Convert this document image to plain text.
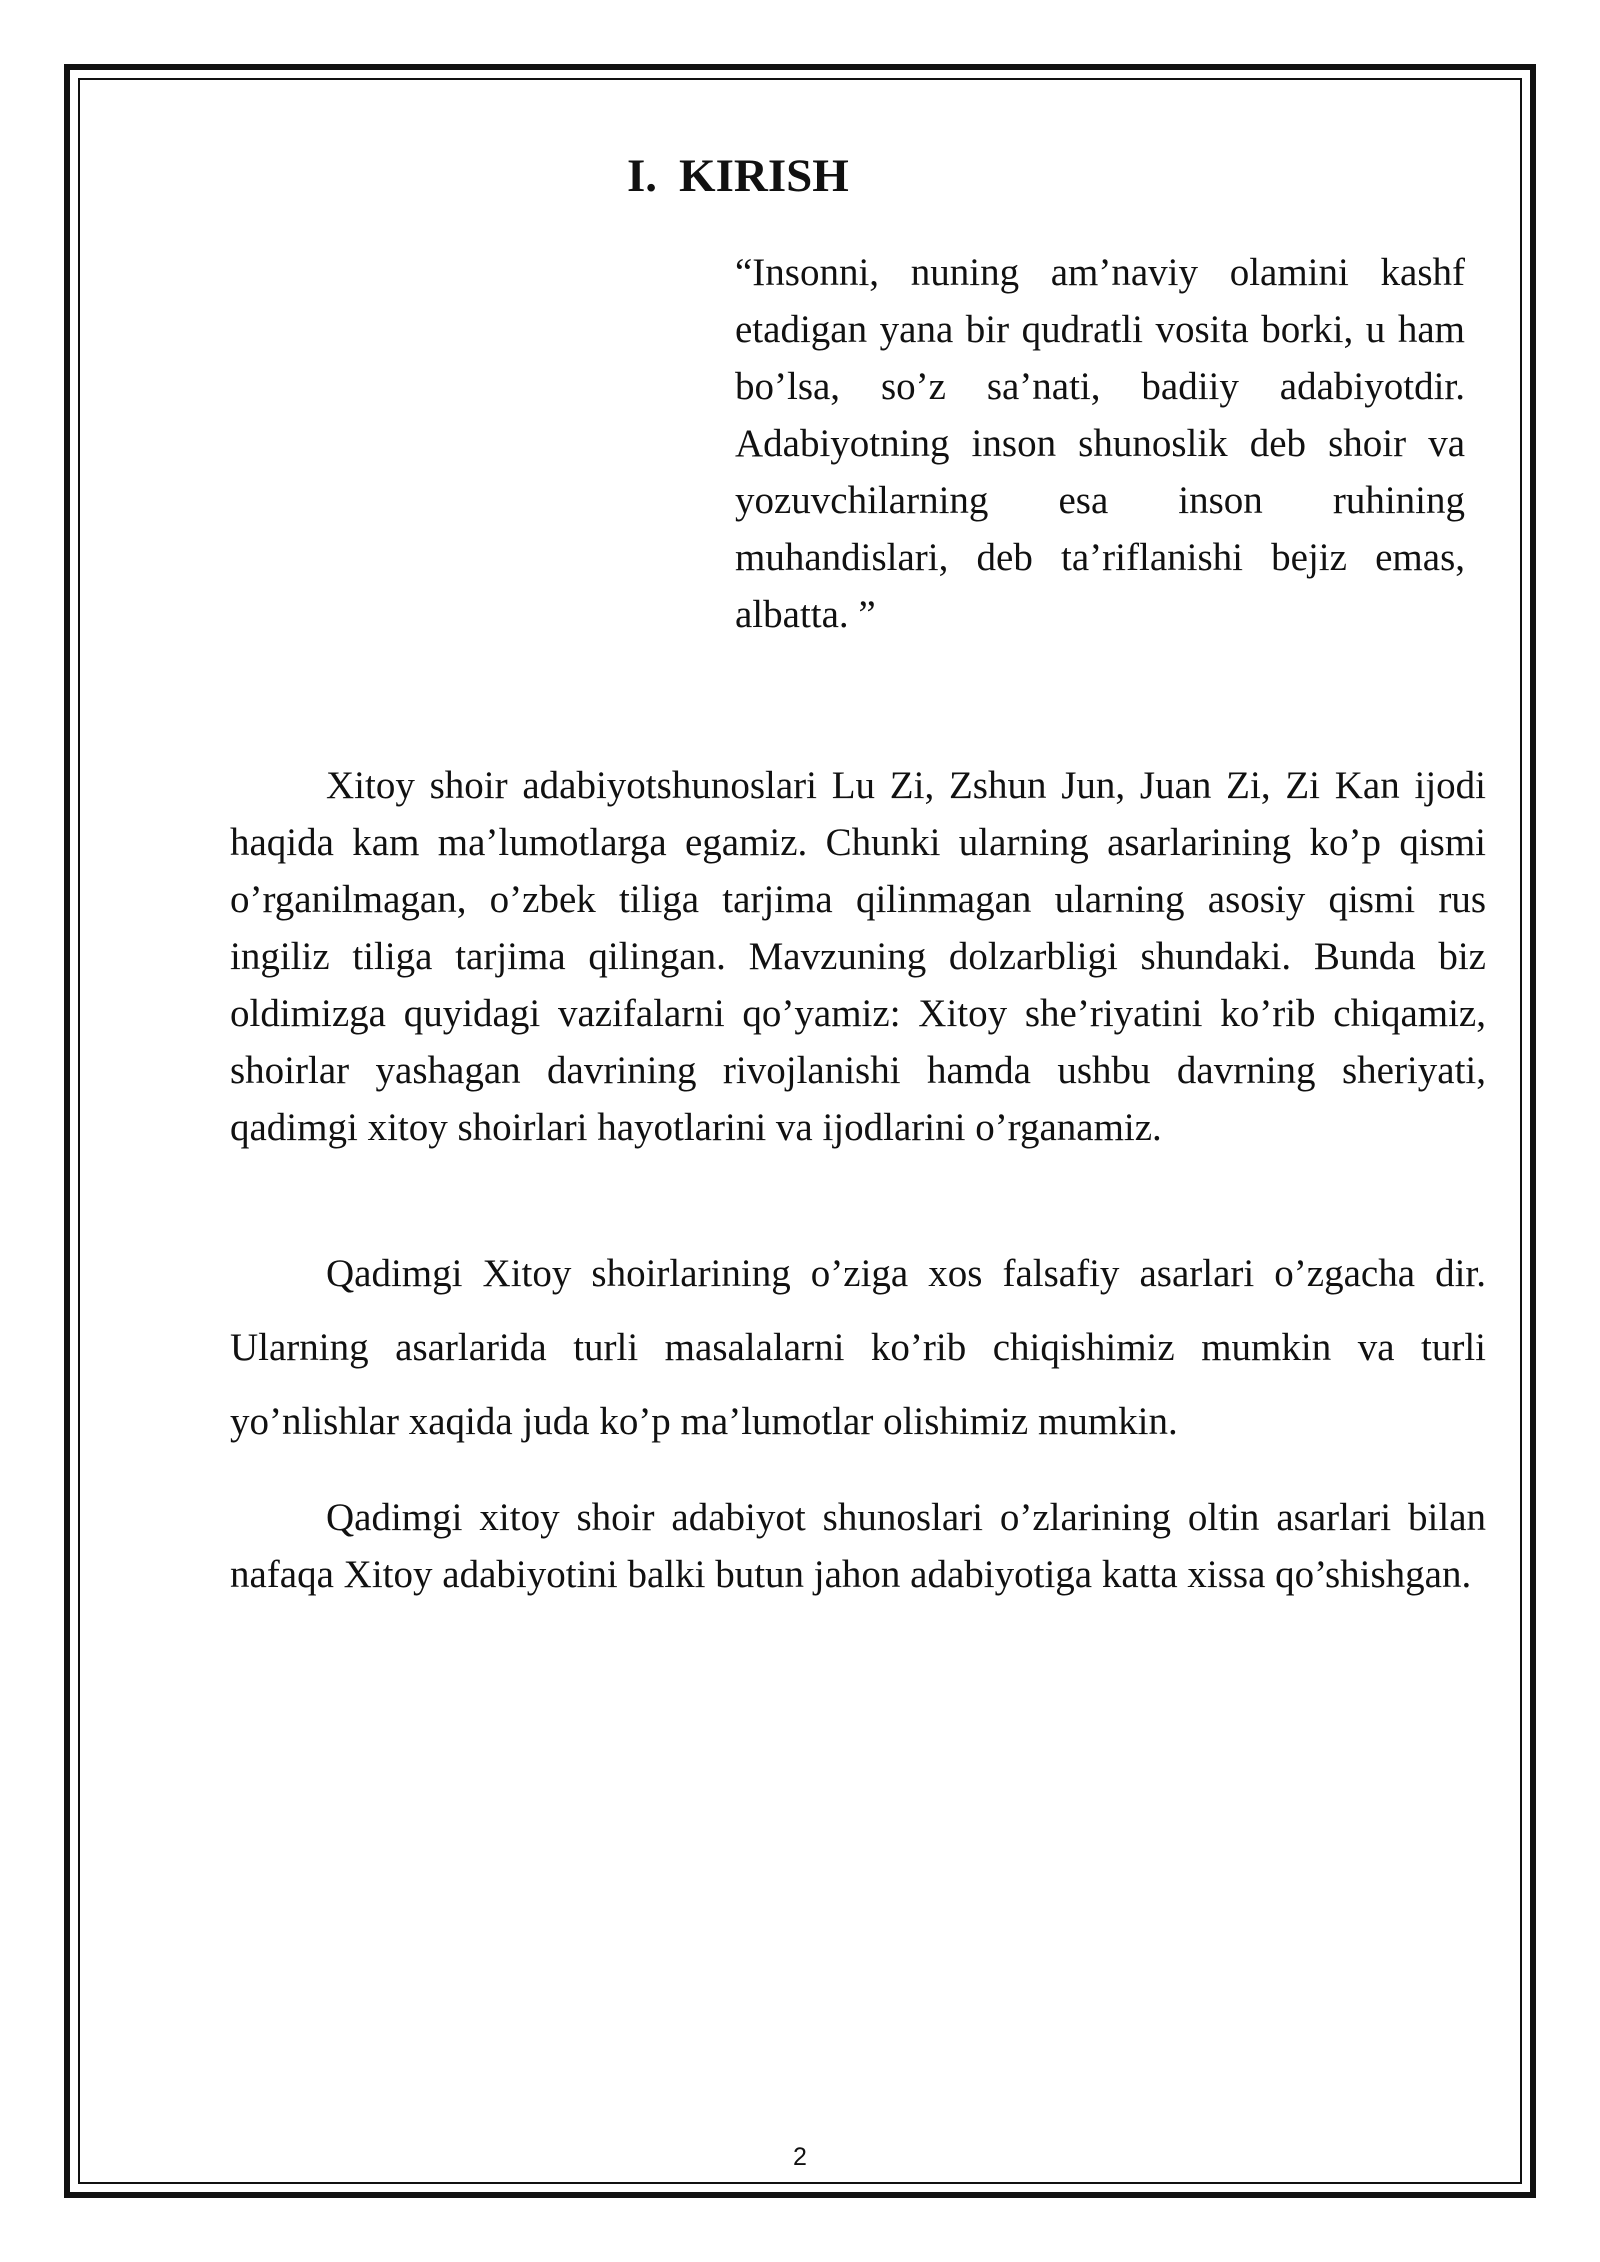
I. KIRISH

“Insonni, nuning am’naviy olamini kashf etadigan yana bir qudratli vosita borki, u ham bo’lsa, so’z sa’nati, badiiy adabiyotdir. Adabiyotning inson shunoslik deb shoir va yozuvchilarning esa inson ruhining muhandislari, deb ta’riflanishi bejiz emas, albatta. ”

Xitoy shoir adabiyotshunoslari Lu Zi, Zshun Jun, Juan Zi, Zi Kan ijodi haqida kam ma’lumotlarga egamiz. Chunki ularning asarlarining ko’p qismi o’rganilmagan, o’zbek tiliga tarjima qilinmagan ularning asosiy qismi rus ingiliz tiliga tarjima qilingan. Mavzuning dolzarbligi shundaki. Bunda biz oldimizga quyidagi vazifalarni qo’yamiz: Xitoy she’riyatini ko’rib chiqamiz, shoirlar yashagan davrining rivojlanishi hamda ushbu davrning sheriyati, qadimgi xitoy shoirlari hayotlarini va ijodlarini o’rganamiz.

Qadimgi Xitoy shoirlarining o’ziga xos falsafiy asarlari o’zgacha dir. Ularning asarlarida turli masalalarni ko’rib chiqishimiz mumkin va turli yo’nlishlar xaqida juda ko’p ma’lumotlar olishimiz mumkin.

Qadimgi xitoy shoir adabiyot shunoslari o’zlarining oltin asarlari bilan nafaqa Xitoy adabiyotini balki butun jahon adabiyotiga katta xissa qo’shishgan.

2
